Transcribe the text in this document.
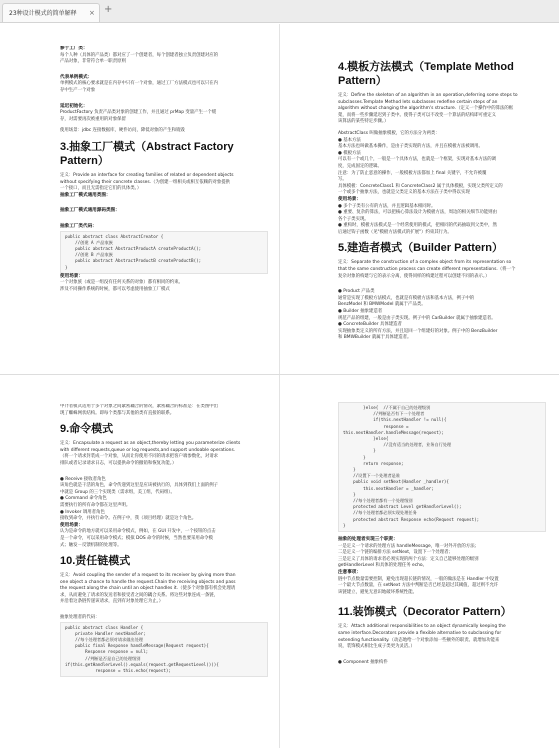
23种设计模式的简单解释 × +

参于工厂类：

每个人种（具体的产品类）都对应了一个创建者，每个创建者独立负责创建对应的

产品对象，非常符合单一职责原则

代表单例模式：

单例模式的核心要求就是在内存中只有一个对象，通过工厂方法模式也可以只在内

存中生产一个对象

延迟初始化：

ProductFactory 负责产品类对象的创建工作，并且通过 prMap 变量产生一个缓

存，对需要再次被重用的对象保留

使用场景：jdbc 连接数据库，硬件访问，降低对象的产生和销毁

3.抽象工厂模式（Abstract Factory Pattern）

定义：Provide an interface for creating families of related or dependent objects

without specifying their concrete classes.（为创建一组相关或相互依赖的对象提供

一个接口，而且无需指定它们的具体类。）

抽象工厂模式通用类图：

抽象工厂模式通用源码类图：

抽象工厂类代码：

public abstract class AbstractCreator {
//创建 A 产品家族
public abstract AbstractProductA createProductA();
//创建 B 产品家族
public abstract AbstractProductB createProductB();
}

使用场景：

一个对象族（或是一组没有任何关系的对象）都有相同的约束。

涉及不同操作系统的时候，都可以考虑使用抽象工厂模式

4.模板方法模式（Template Method Pattern）

定义：Define the skeleton of an algorithm in an operation,deferring some steps to

subclasses.Template Method lets subclasses redefine certain steps of an

algorithm without changing the algorithm's structure.（定义一个操作中的算法的框

架，而将一些步骤延迟到子类中。使得子类可以不改变一个算法的结构即可重定义

该算法的某些特定步骤。）

AbstractClass 叫做抽象模板，它的方法分为两类：

● 基本方法

基本方法也叫做基本操作，是由子类实现的方法，并且在模板方法被调用。

● 模板方法

可以有一个或几个，一般是一个具体方法，也就是一个框架，实现对基本方法的调

度，完成固定的逻辑。

注意：为了防止恶意的操作，一般模板方法都加上 final 关键字，不允许被覆

写。

具体模板：ConcreteClass1 和 ConcreteClass2 属于具体模板，实现父类所定义的

一个或多个抽象方法，也就是父类定义的基本方法在子类中得以实现

使用场景：

● 多个子类有公有的方法，并且逻辑基本相同时。

● 重要、复杂的算法，可以把核心算法设计为模板方法，周边的相关细节功能则由

各个子类实现。

● 重构时，模板方法模式是一个经常使用的模式，把相同的代码抽取到父类中，然

后通过钩子函数（见"模板方法模式的扩展"）约束其行为。

5.建造者模式（Builder Pattern）

定义：Separate the construction of a complex object from its representation so

that the same construction process can create different representations.（将一个

复杂对象的构建与它的表示分离，使得同样的构建过程可以创建不同的表示。）

● Product 产品类

通常是实现了模板方法模式，也就是有模板方法和基本方法，例子中的

BenzModel 和 BMWModel 就属于产品类。

● Builder 抽象建造者

规范产品的组建，一般是由子类实现。例子中的 CarBuilder 就属于抽象建造者。

● ConcreteBuilder 具体建造者

实现抽象类定义的所有方法，并且返回一个组建好的对象。例子中的 BenzBuilder

和 BMWBuilder 就属于具体建造者。

中介者模式适用于多个对象之间紧密耦合的情况，紧密耦合的标准是：在类图中出

现了蜘蛛网状结构。即每个类都与其他的类有直接的联系。

9.命令模式

定义：Encapsulate a request as an object,thereby letting you parameterize clients

with different requests,queue or log requests,and support undoable operations.

（将一个请求封装成一个对象，从而让你使用不同的请求把客户端参数化，对请求

排队或者记录请求日志，可以提供命令的撤销和恢复功能。）

● Receive 接收者角色

该角色就是干活的角色，命令传递到这里是应该被执行的，具体到我们上面的例子

中就是 Group 的三个实现类（需求组，美工组，代码组）。

● Command 命令角色

需要执行的所有命令都在这里声明。

● Invoker 调用者角色

接收到命令，并执行命令。在例子中，我（项目经理）就是这个角色。

使用场景：

认为是命令的地方就可以采用命令模式，例如，在 GUI 开发中，一个按钮的点击

是一个命令，可以采用命令模式；模拟 DOS 命令的时候，当然也要采用命令模

式；触发－反馈机制的处理等。

10.责任链模式

定义：Avoid coupling the sender of a request to its receiver by giving more than

one object a chance to handle the request.Chain the receiving objects and pass

the request along the chain until an object handles it.（使多个对象都有机会处理请

求，从而避免了请求的发送者和接受者之间的耦合关系。将这些对象连成一条链，

并沿着这条链传递该请求，直到有对象处理它为止。）

抽象处理者的代码：

public abstract class Handler {
private Handler nextHandler;
//每个处理者都必须对请求做出处理
public final Response handleMessage(Request request){
Response response = null;
//判断是否是自己的处理级别
if(this.getHandlerLevel().equals(request.getRequestLevel())){
response = this.echo(request);
}else{  //不属于自己的处理级别
//判断是否有下一个处理者
if(this.nextHandler != null){
response =
this.nextHandler.handleMessage(request);
}else{
//没有适当的处理者，业务自行处理
}
}
return response;
}
//设置下一个处理者是谁
public void setNext(Handler _handler){
this.nextHandler = _handler;
}
//每个处理者都有一个处理级别
protected abstract Level getHandlerLevel();
//每个处理者都必须实现处理任务
protected abstract Response echo(Request request);
}

抽象的处理者实现三个职责：

一是定义一个请求的处理方法 handleMessage，唯一对外开放的方法；

二是定义一个链的编排方法 setNext，设置下一个处理者；

三是定义了具体的请求者必须实现的两个方法：定义自己能够处理的级别

getHandlerLevel 和具体的处理任务 echo。

注意事项：

链中节点数量需要控制，避免出现超长链的情况，一般的做法是在 Handler 中设置

一个最大节点数量，在 setNext 方法中判断是否已经是超过其阈值，超过则不允许

该链建立，避免无意识地破坏系统性能。

11.装饰模式（Decorator Pattern）

定义：Attach additional responsibilities to an object dynamically keeping the

same interface.Decorators provide a flexible alternative to subclassing for

extending functionality.（动态地给一个对象添加一些额外的职责。就增加功能来

说，装饰模式相比生成子类更为灵活。）

● Component 抽象构件
